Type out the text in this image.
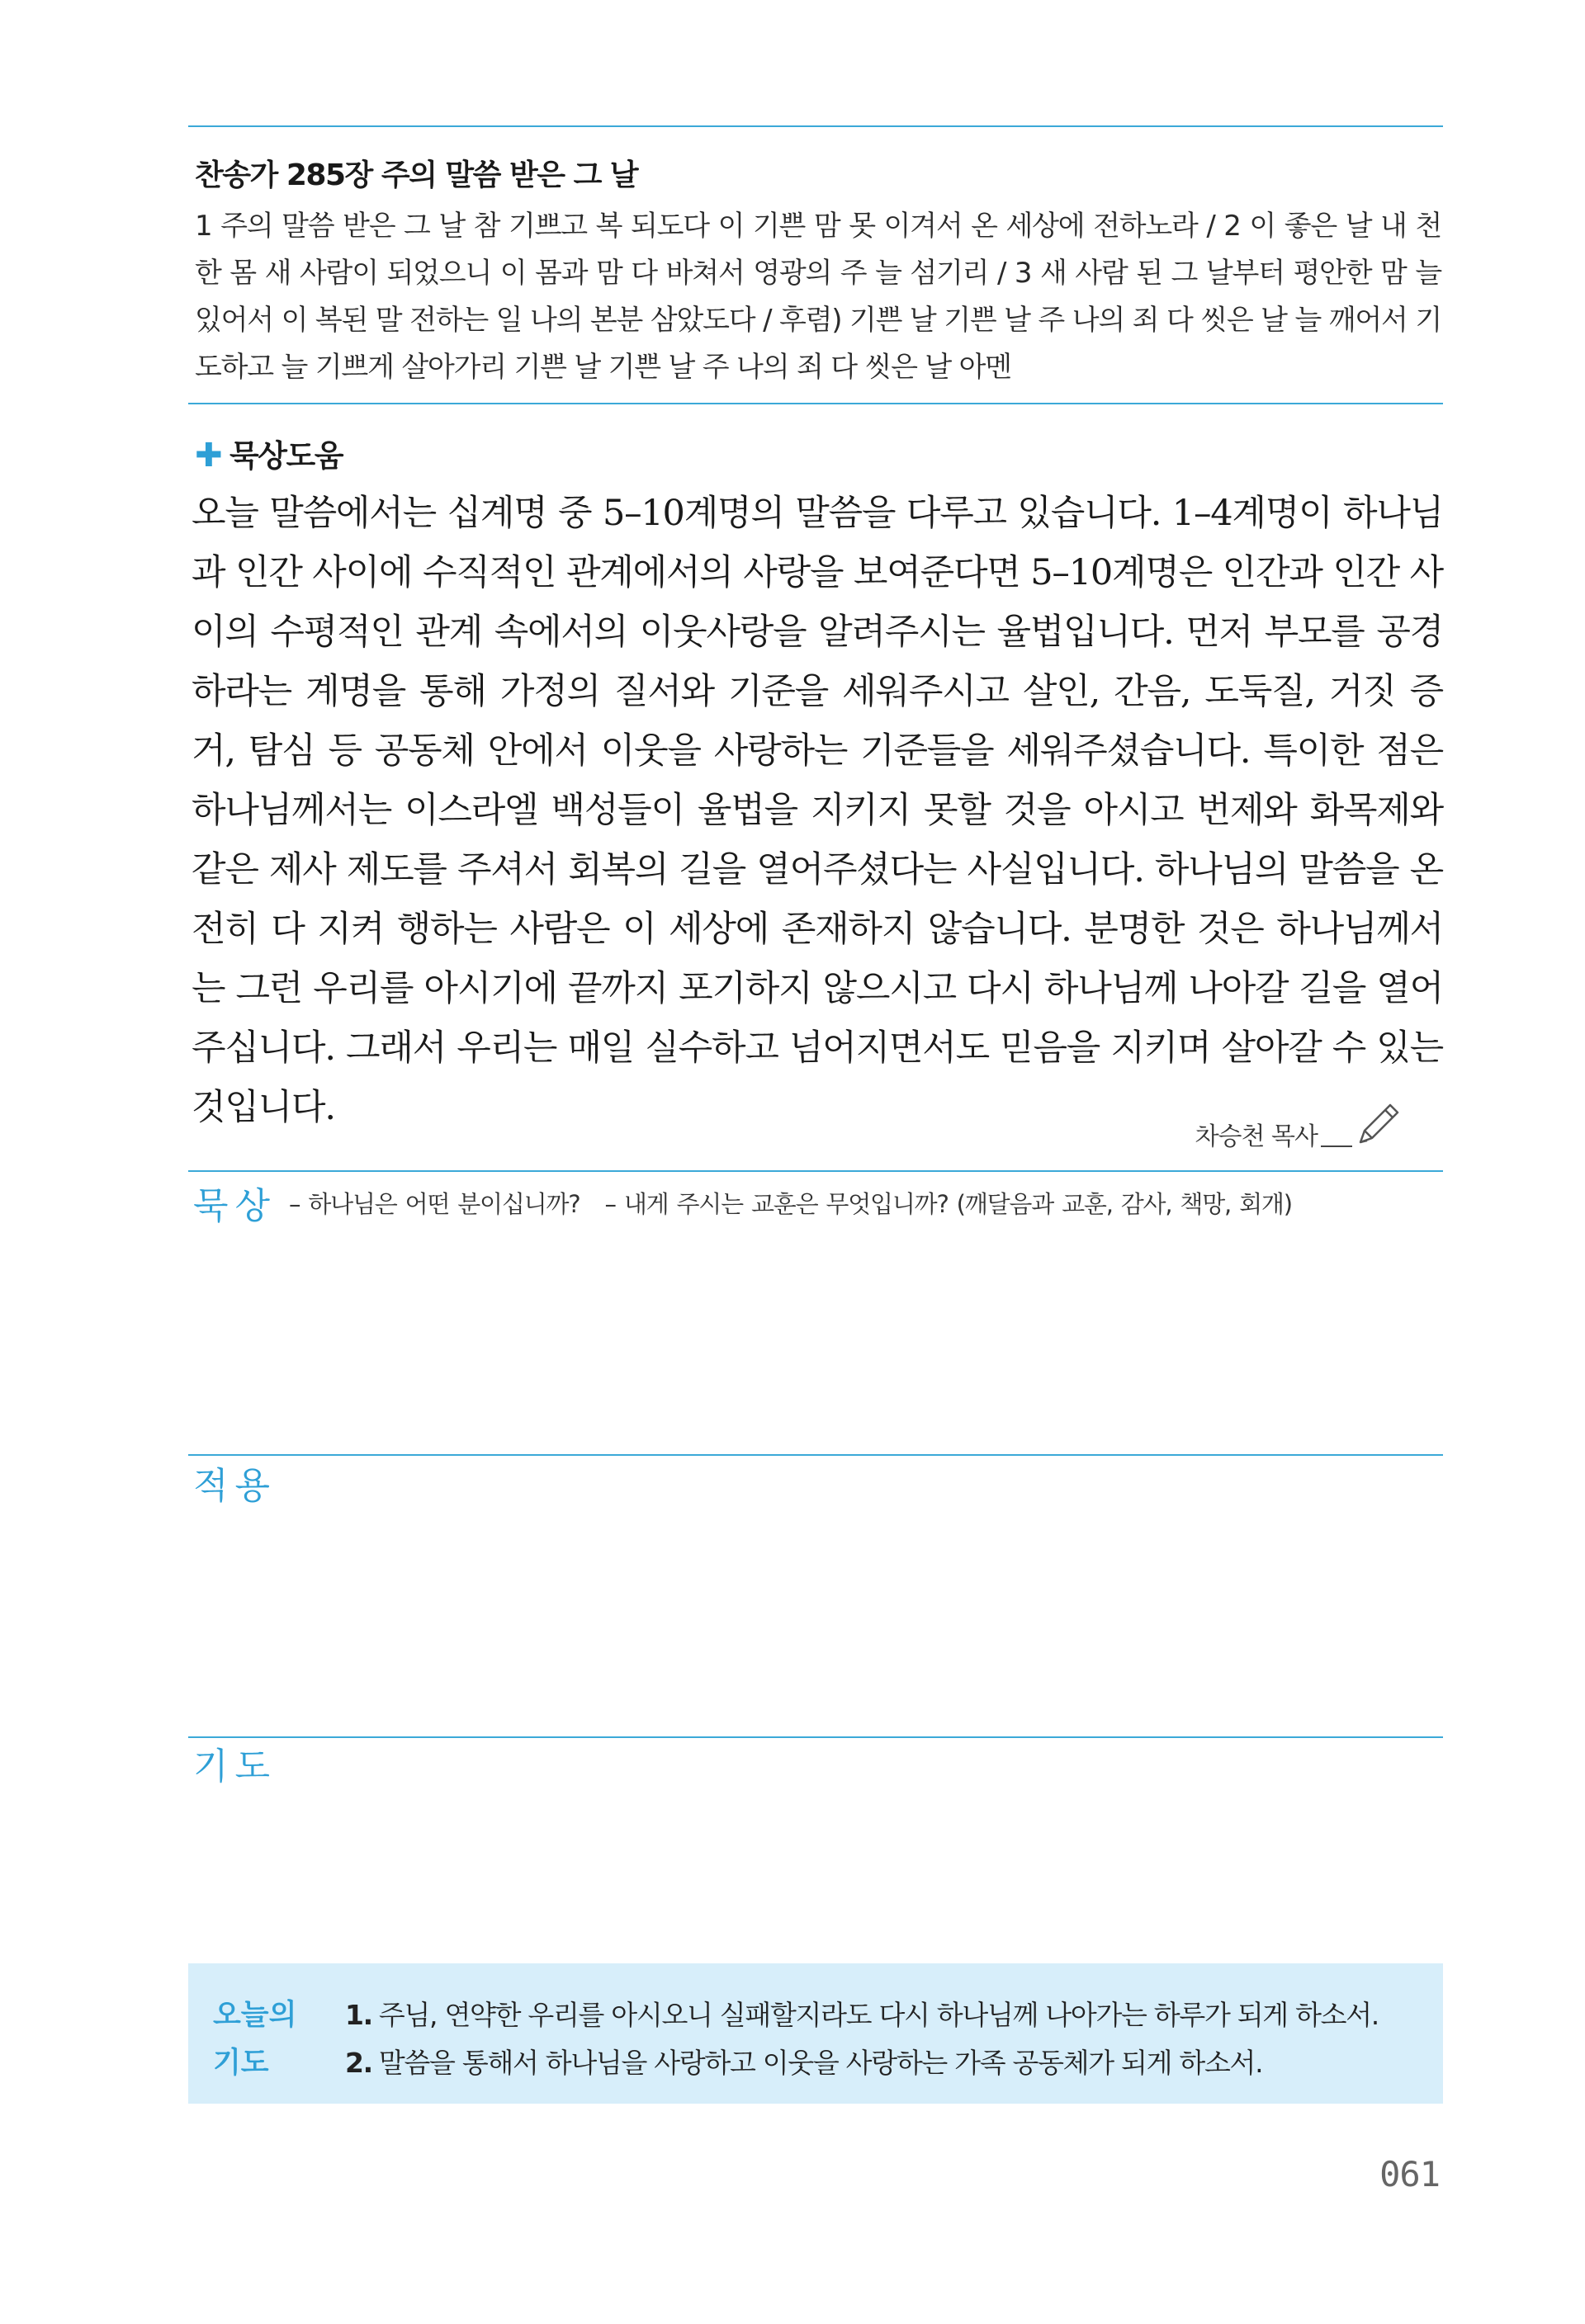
찬송가 285장 주의 말씀 받은 그 날
1 주의 말씀 받은 그 날 참 기쁘고 복 되도다 이 기쁜 맘 못 이겨서 온 세상에 전하노라 / 2 이 좋은 날 내 천한 몸 새 사람이 되었으니 이 몸과 맘 다 바쳐서 영광의 주 늘 섬기리 / 3 새 사람 된 그 날부터 평안한 맘 늘 있어서 이 복된 말 전하는 일 나의 본분 삼았도다 / 후렴) 기쁜 날 기쁜 날 주 나의 죄 다 씻은 날 늘 깨어서 기도하고 늘 기쁘게 살아가리 기쁜 날 기쁜 날 주 나의 죄 다 씻은 날 아멘
✚ 묵상도움
오늘 말씀에서는 십계명 중 5–10계명의 말씀을 다루고 있습니다. 1–4계명이 하나님과 인간 사이에 수직적인 관계에서의 사랑을 보여준다면 5–10계명은 인간과 인간 사이의 수평적인 관계 속에서의 이웃사랑을 알려주시는 율법입니다. 먼저 부모를 공경하라는 계명을 통해 가정의 질서와 기준을 세워주시고 살인, 간음, 도둑질, 거짓 증거, 탐심 등 공동체 안에서 이웃을 사랑하는 기준들을 세워주셨습니다. 특이한 점은 하나님께서는 이스라엘 백성들이 율법을 지키지 못할 것을 아시고 번제와 화목제와 같은 제사 제도를 주셔서 회복의 길을 열어주셨다는 사실입니다. 하나님의 말씀을 온전히 다 지켜 행하는 사람은 이 세상에 존재하지 않습니다. 분명한 것은 하나님께서는 그런 우리를 아시기에 끝까지 포기하지 않으시고 다시 하나님께 나아갈 길을 열어주십니다. 그래서 우리는 매일 실수하고 넘어지면서도 믿음을 지키며 살아갈 수 있는 것입니다.
차승천 목사
묵상 – 하나님은 어떤 분이십니까? – 내게 주시는 교훈은 무엇입니까? (깨달음과 교훈, 감사, 책망, 회개)
적용
기도
오늘의
기도
1. 주님, 연약한 우리를 아시오니 실패할지라도 다시 하나님께 나아가는 하루가 되게 하소서.
2. 말씀을 통해서 하나님을 사랑하고 이웃을 사랑하는 가족 공동체가 되게 하소서.
061
